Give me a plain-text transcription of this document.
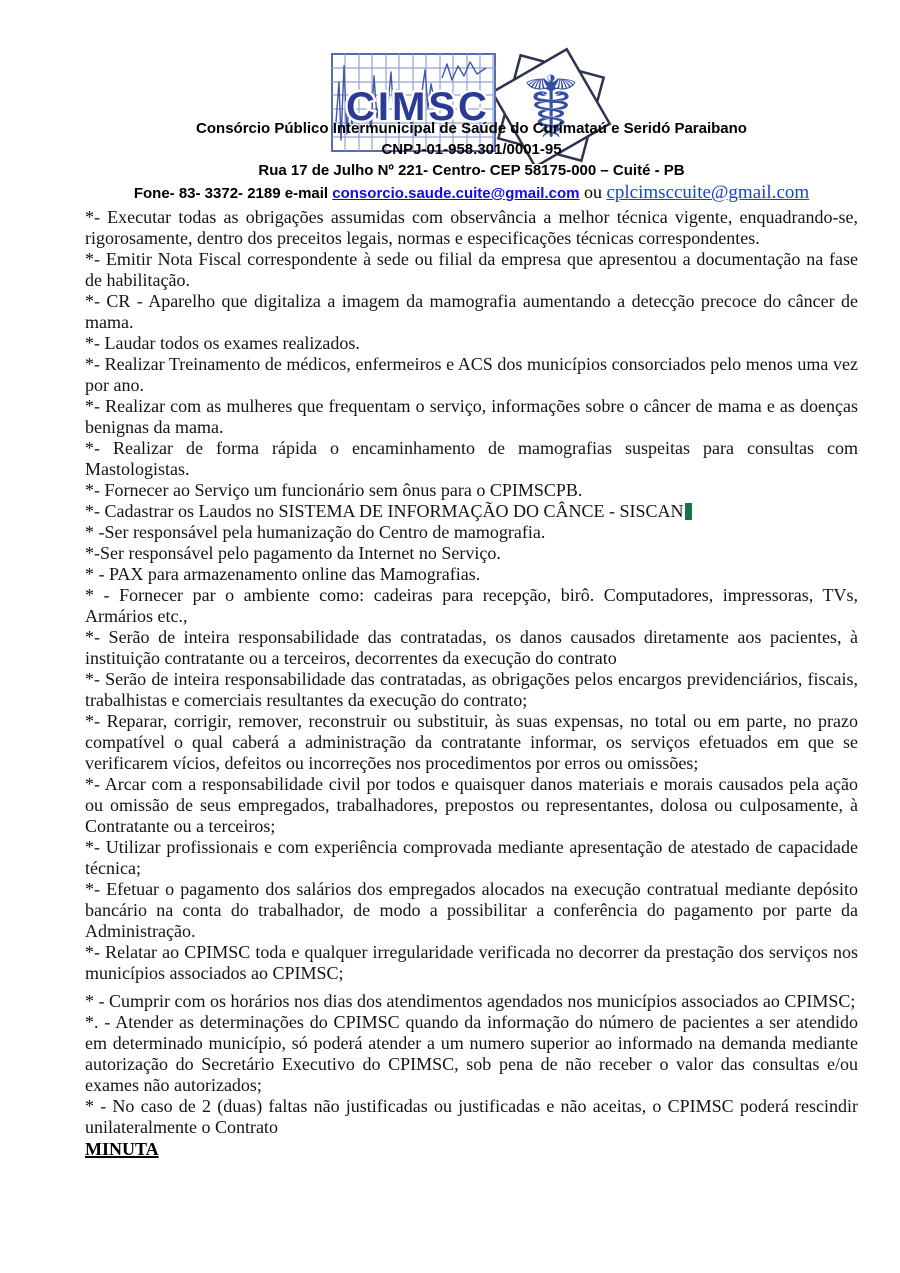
CIMSC ☤
Consórcio Público Intermunicipal de Saúde do Curimataú e Seridó Paraibano
CNPJ-01-958.301/0001-95
Rua 17 de Julho Nº 221- Centro- CEP 58175-000 – Cuité - PB
Fone- 83- 3372- 2189 e-mail consorcio.saude.cuite@gmail.com ou cplcimsccuite@gmail.com

*- Executar todas as obrigações assumidas com observância a melhor técnica vigente, enquadrando-se, rigorosamente, dentro dos preceitos legais, normas e especificações técnicas correspondentes.

*- Emitir Nota Fiscal correspondente à sede ou filial da empresa que apresentou a documentação na fase de habilitação.

*- CR - Aparelho que digitaliza a imagem da mamografia aumentando a detecção precoce do câncer de mama.

*- Laudar todos os exames realizados.

*- Realizar Treinamento de médicos, enfermeiros e ACS dos municípios consorciados pelo menos uma vez por ano.

*- Realizar com as mulheres que frequentam o serviço, informações sobre o câncer de mama e as doenças benignas da mama.

*- Realizar de forma rápida o encaminhamento de mamografias suspeitas para consultas com Mastologistas.

*- Fornecer ao Serviço um funcionário sem ônus para o CPIMSCPB.

*- Cadastrar os Laudos no SISTEMA DE INFORMAÇÃO DO CÂNCE - SISCAN

* -Ser responsável pela humanização do Centro de mamografia.

*-Ser responsável pelo pagamento da Internet no Serviço.

* - PAX para armazenamento online das Mamografias.

* - Fornecer par o ambiente como: cadeiras para recepção, birô. Computadores, impressoras, TVs, Armários etc.,

*- Serão de inteira responsabilidade das contratadas, os danos causados diretamente aos pacientes, à instituição contratante ou a terceiros, decorrentes da execução do contrato

*- Serão de inteira responsabilidade das contratadas, as obrigações pelos encargos previdenciários, fiscais, trabalhistas e comerciais resultantes da execução do contrato;

*- Reparar, corrigir, remover, reconstruir ou substituir, às suas expensas, no total ou em parte, no prazo compatível o qual caberá a administração da contratante informar, os serviços efetuados em que se verificarem vícios, defeitos ou incorreções nos procedimentos por erros ou omissões;

*- Arcar com a responsabilidade civil por todos e quaisquer danos materiais e morais causados pela ação ou omissão de seus empregados, trabalhadores, prepostos ou representantes, dolosa ou culposamente, à Contratante ou a terceiros;

*- Utilizar profissionais e com experiência comprovada mediante apresentação de atestado de capacidade técnica;

*- Efetuar o pagamento dos salários dos empregados alocados na execução contratual mediante depósito bancário na conta do trabalhador, de modo a possibilitar a conferência do pagamento por parte da Administração.

*- Relatar ao CPIMSC toda e qualquer irregularidade verificada no decorrer da prestação dos serviços nos municípios associados ao CPIMSC;

* - Cumprir com os horários nos dias dos atendimentos agendados nos municípios associados ao CPIMSC;

*. - Atender as determinações do CPIMSC quando da informação do número de pacientes a ser atendido em determinado município, só poderá atender a um numero superior ao informado na demanda mediante autorização do Secretário Executivo do CPIMSC, sob pena de não receber o valor das consultas e/ou exames não autorizados;

* - No caso de 2 (duas) faltas não justificadas ou justificadas e não aceitas, o CPIMSC poderá rescindir unilateralmente o Contrato

MINUTA
